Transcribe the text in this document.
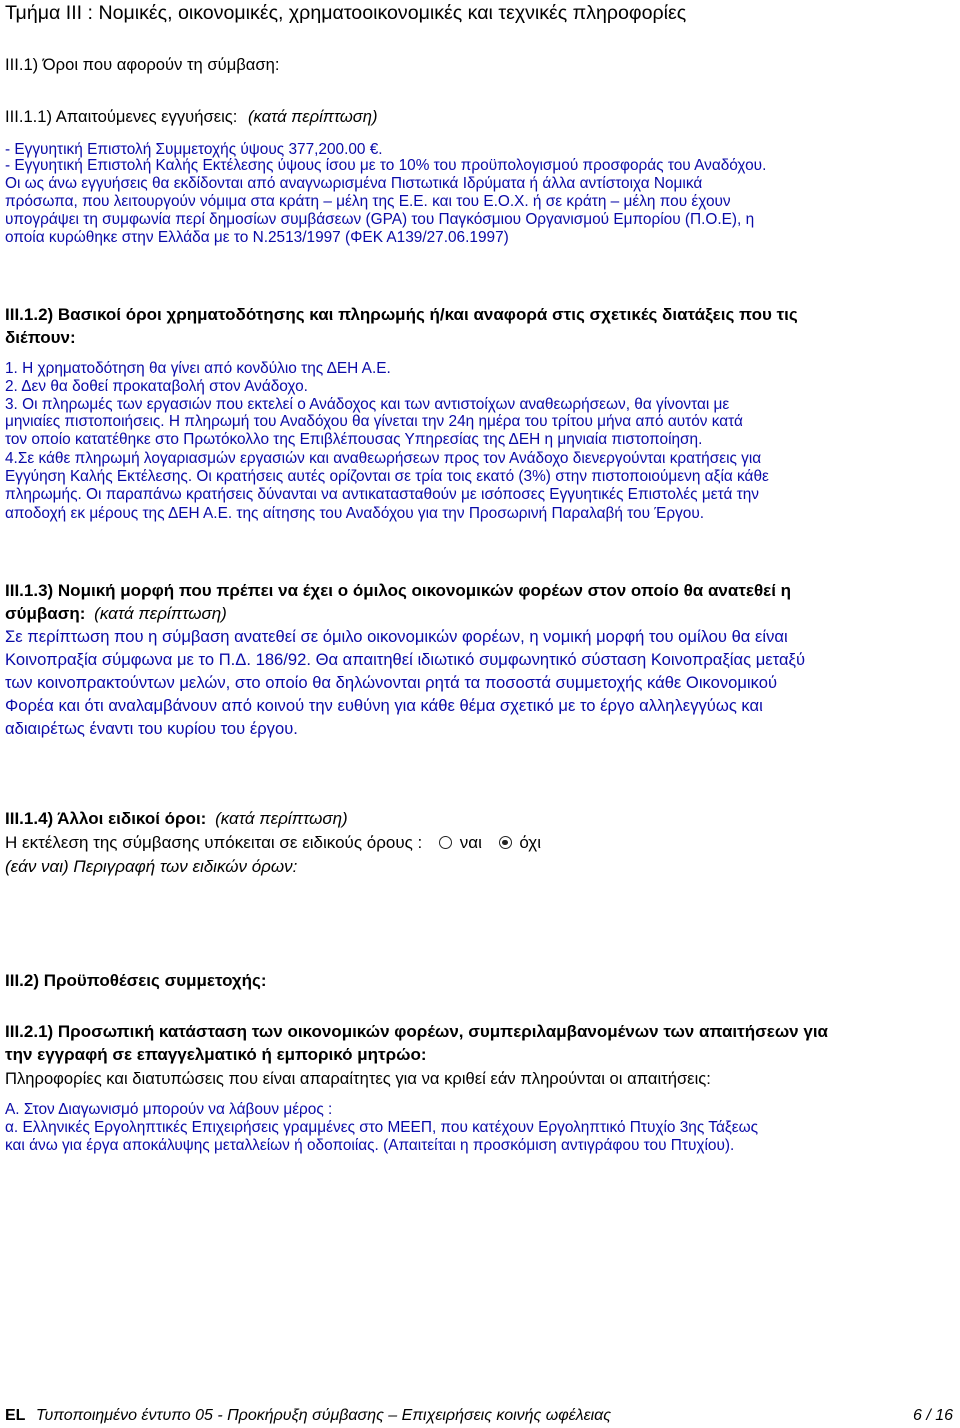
Τμήμα ΙΙΙ : Νομικές, οικονομικές, χρηματοοικονομικές και τεχνικές πληροφορίες
ΙΙΙ.1) Όροι που αφορούν τη σύμβαση:
ΙΙΙ.1.1) Απαιτούμενες εγγυήσεις: (κατά περίπτωση)
- Εγγυητική Επιστολή Συμμετοχής ύψους 377,200.00 €.
- Εγγυητική Επιστολή Καλής Εκτέλεσης ύψους ίσου με το 10% του προϋπολογισμού προσφοράς του Αναδόχου.
Οι ως άνω εγγυήσεις θα εκδίδονται από αναγνωρισμένα Πιστωτικά Ιδρύματα ή άλλα αντίστοιχα Νομικά
πρόσωπα, που λειτουργούν νόμιμα στα κράτη – μέλη της Ε.Ε. και του Ε.Ο.Χ. ή σε κράτη – μέλη που έχουν
υπογράψει τη συμφωνία περί δημοσίων συμβάσεων (GPA) του Παγκόσμιου Οργανισμού Εμπορίου (Π.Ο.Ε), η
οποία κυρώθηκε στην Ελλάδα με το Ν.2513/1997 (ΦΕΚ Α139/27.06.1997)
ΙΙΙ.1.2) Βασικοί όροι χρηματοδότησης και πληρωμής ή/και αναφορά στις σχετικές διατάξεις που τις
διέπουν:
1. Η χρηματοδότηση θα γίνει από κονδύλιο της ΔΕΗ Α.Ε.
2. Δεν θα δοθεί προκαταβολή στον Ανάδοχο.
3. Οι πληρωμές των εργασιών που εκτελεί ο Ανάδοχος και των αντιστοίχων αναθεωρήσεων, θα γίνονται με
μηνιαίες πιστοποιήσεις. Η πληρωμή του Αναδόχου θα γίνεται την 24η ημέρα του τρίτου μήνα από αυτόν κατά
τον οποίο κατατέθηκε στο Πρωτόκολλο της Επιβλέπουσας Υπηρεσίας της ΔΕΗ η μηνιαία πιστοποίηση.
4.Σε κάθε πληρωμή λογαριασμών εργασιών και αναθεωρήσεων προς τον Ανάδοχο διενεργούνται κρατήσεις για
Εγγύηση Καλής Εκτέλεσης. Οι κρατήσεις αυτές ορίζονται σε τρία τοις εκατό (3%) στην πιστοποιούμενη αξία κάθε
πληρωμής. Οι παραπάνω κρατήσεις δύνανται να αντικατασταθούν με ισόποσες Εγγυητικές Επιστολές μετά την
αποδοχή εκ μέρους της ΔΕΗ Α.Ε. της αίτησης του Αναδόχου για την Προσωρινή Παραλαβή του Έργου.
ΙΙΙ.1.3) Νομική μορφή που πρέπει να έχει ο όμιλος οικονομικών φορέων στον οποίο θα ανατεθεί η
σύμβαση: (κατά περίπτωση)
Σε περίπτωση που η σύμβαση ανατεθεί σε όμιλο οικονομικών φορέων, η νομική μορφή του ομίλου θα είναι
Κοινοπραξία σύμφωνα με το Π.Δ. 186/92. Θα απαιτηθεί ιδιωτικό συμφωνητικό σύσταση Κοινοπραξίας μεταξύ
των κοινοπρακτούντων μελών, στο οποίο θα δηλώνονται ρητά τα ποσοστά συμμετοχής κάθε Οικονομικού
Φορέα και ότι αναλαμβάνουν από κοινού την ευθύνη για κάθε θέμα σχετικό με το έργο αλληλεγγύως και
αδιαιρέτως έναντι του κυρίου του έργου.
ΙΙΙ.1.4) Άλλοι ειδικοί όροι: (κατά περίπτωση)
Η εκτέλεση της σύμβασης υπόκειται σε ειδικούς όρους : ναι όχι
(εάν ναι) Περιγραφή των ειδικών όρων:
ΙΙΙ.2) Προϋποθέσεις συμμετοχής:
ΙΙΙ.2.1) Προσωπική κατάσταση των οικονομικών φορέων, συμπεριλαμβανομένων των απαιτήσεων για
την εγγραφή σε επαγγελματικό ή εμπορικό μητρώο:
Πληροφορίες και διατυπώσεις που είναι απαραίτητες για να κριθεί εάν πληρούνται οι απαιτήσεις:
Α. Στον Διαγωνισμό μπορούν να λάβουν μέρος :
α. Ελληνικές Εργοληπτικές Επιχειρήσεις γραμμένες στο ΜΕΕΠ, που κατέχουν Εργοληπτικό Πτυχίο 3ης Τάξεως
και άνω για έργα αποκάλυψης μεταλλείων ή οδοποιίας. (Απαιτείται η προσκόμιση αντιγράφου του Πτυχίου).
EL Τυποποιημένο έντυπο 05 - Προκήρυξη σύμβασης – Επιχειρήσεις κοινής ωφέλειας	6 / 16
